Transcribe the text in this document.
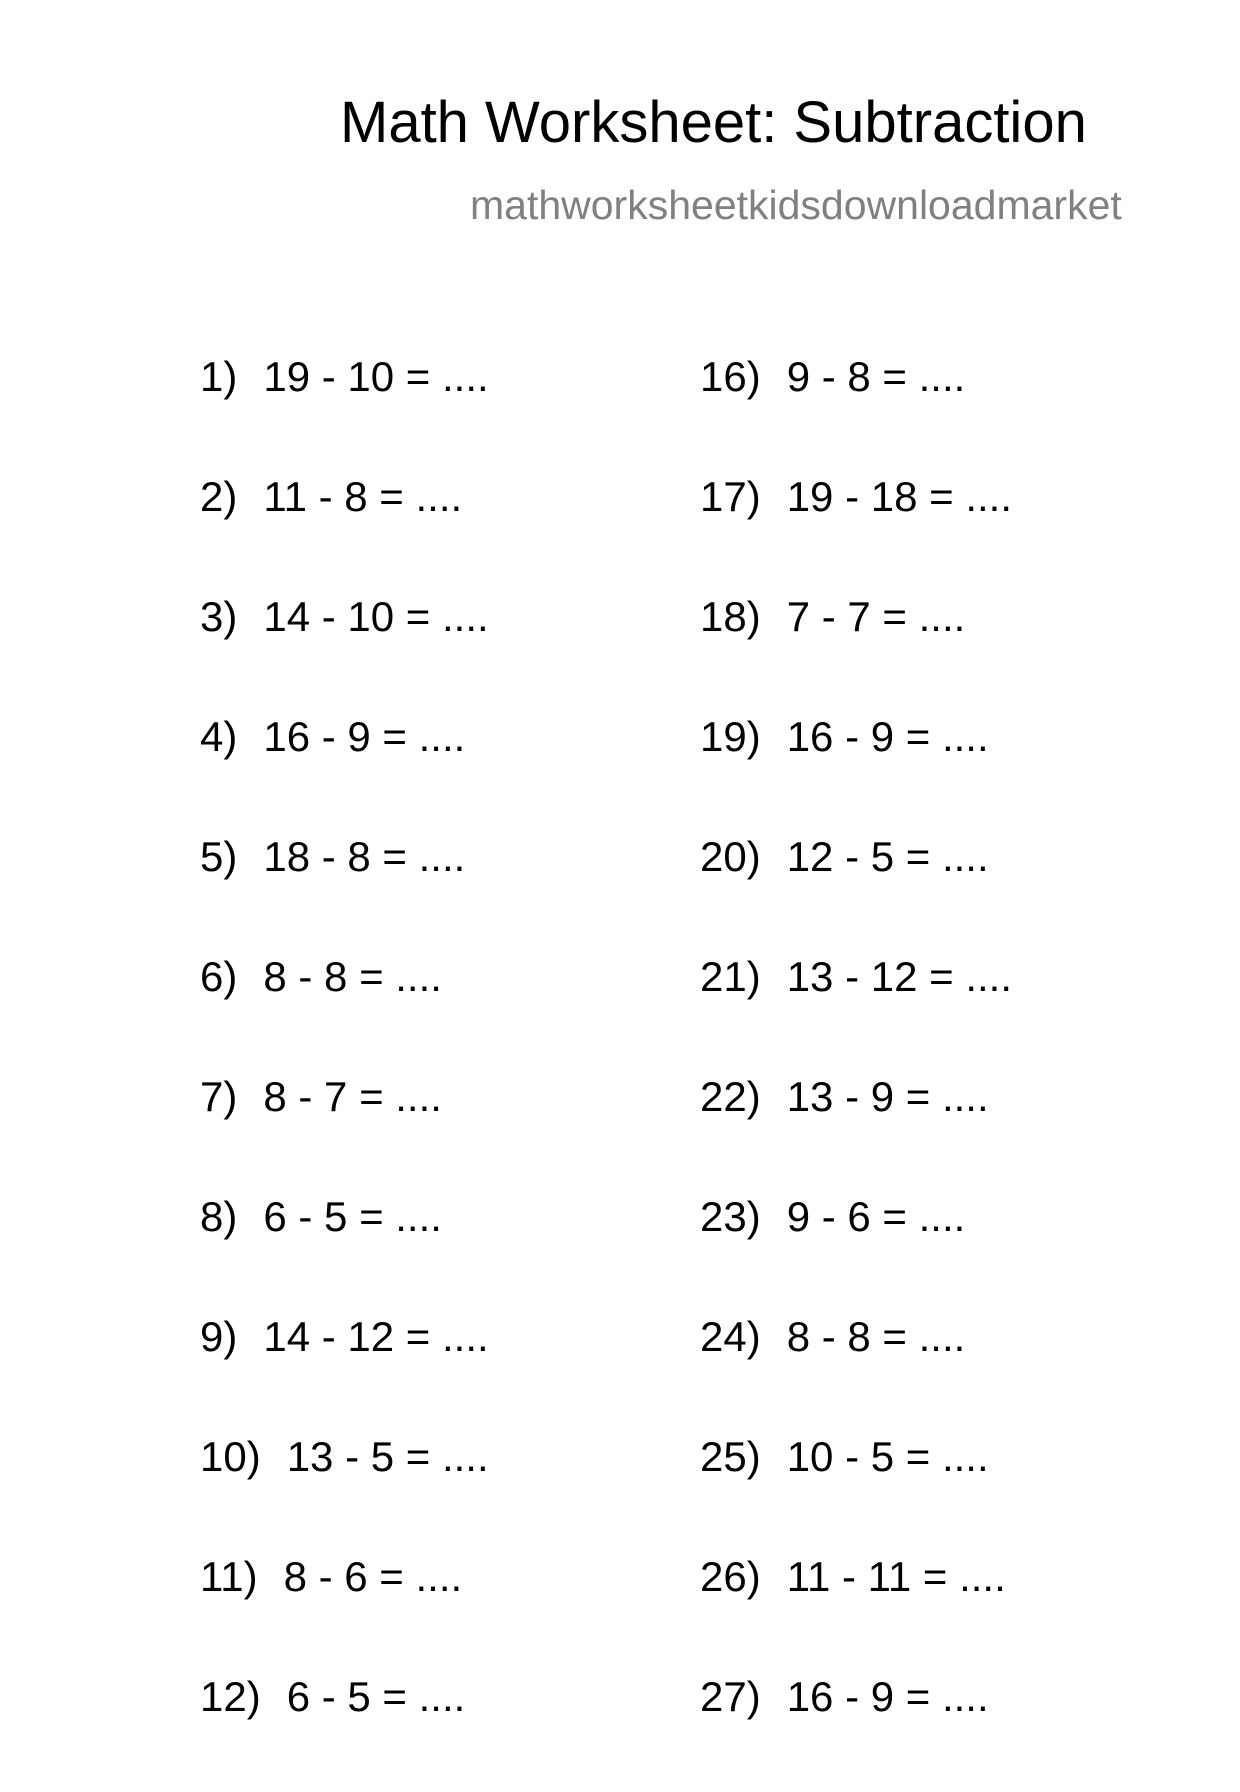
Math Worksheet: Subtraction
mathworksheetkidsdownloadmarket
1) 19 - 10 = ....
2) 11 - 8 = ....
3) 14 - 10 = ....
4) 16 - 9 = ....
5) 18 - 8 = ....
6) 8 - 8 = ....
7) 8 - 7 = ....
8) 6 - 5 = ....
9) 14 - 12 = ....
10) 13 - 5 = ....
11) 8 - 6 = ....
12) 6 - 5 = ....
16) 9 - 8 = ....
17) 19 - 18 = ....
18) 7 - 7 = ....
19) 16 - 9 = ....
20) 12 - 5 = ....
21) 13 - 12 = ....
22) 13 - 9 = ....
23) 9 - 6 = ....
24) 8 - 8 = ....
25) 10 - 5 = ....
26) 11 - 11 = ....
27) 16 - 9 = ....
